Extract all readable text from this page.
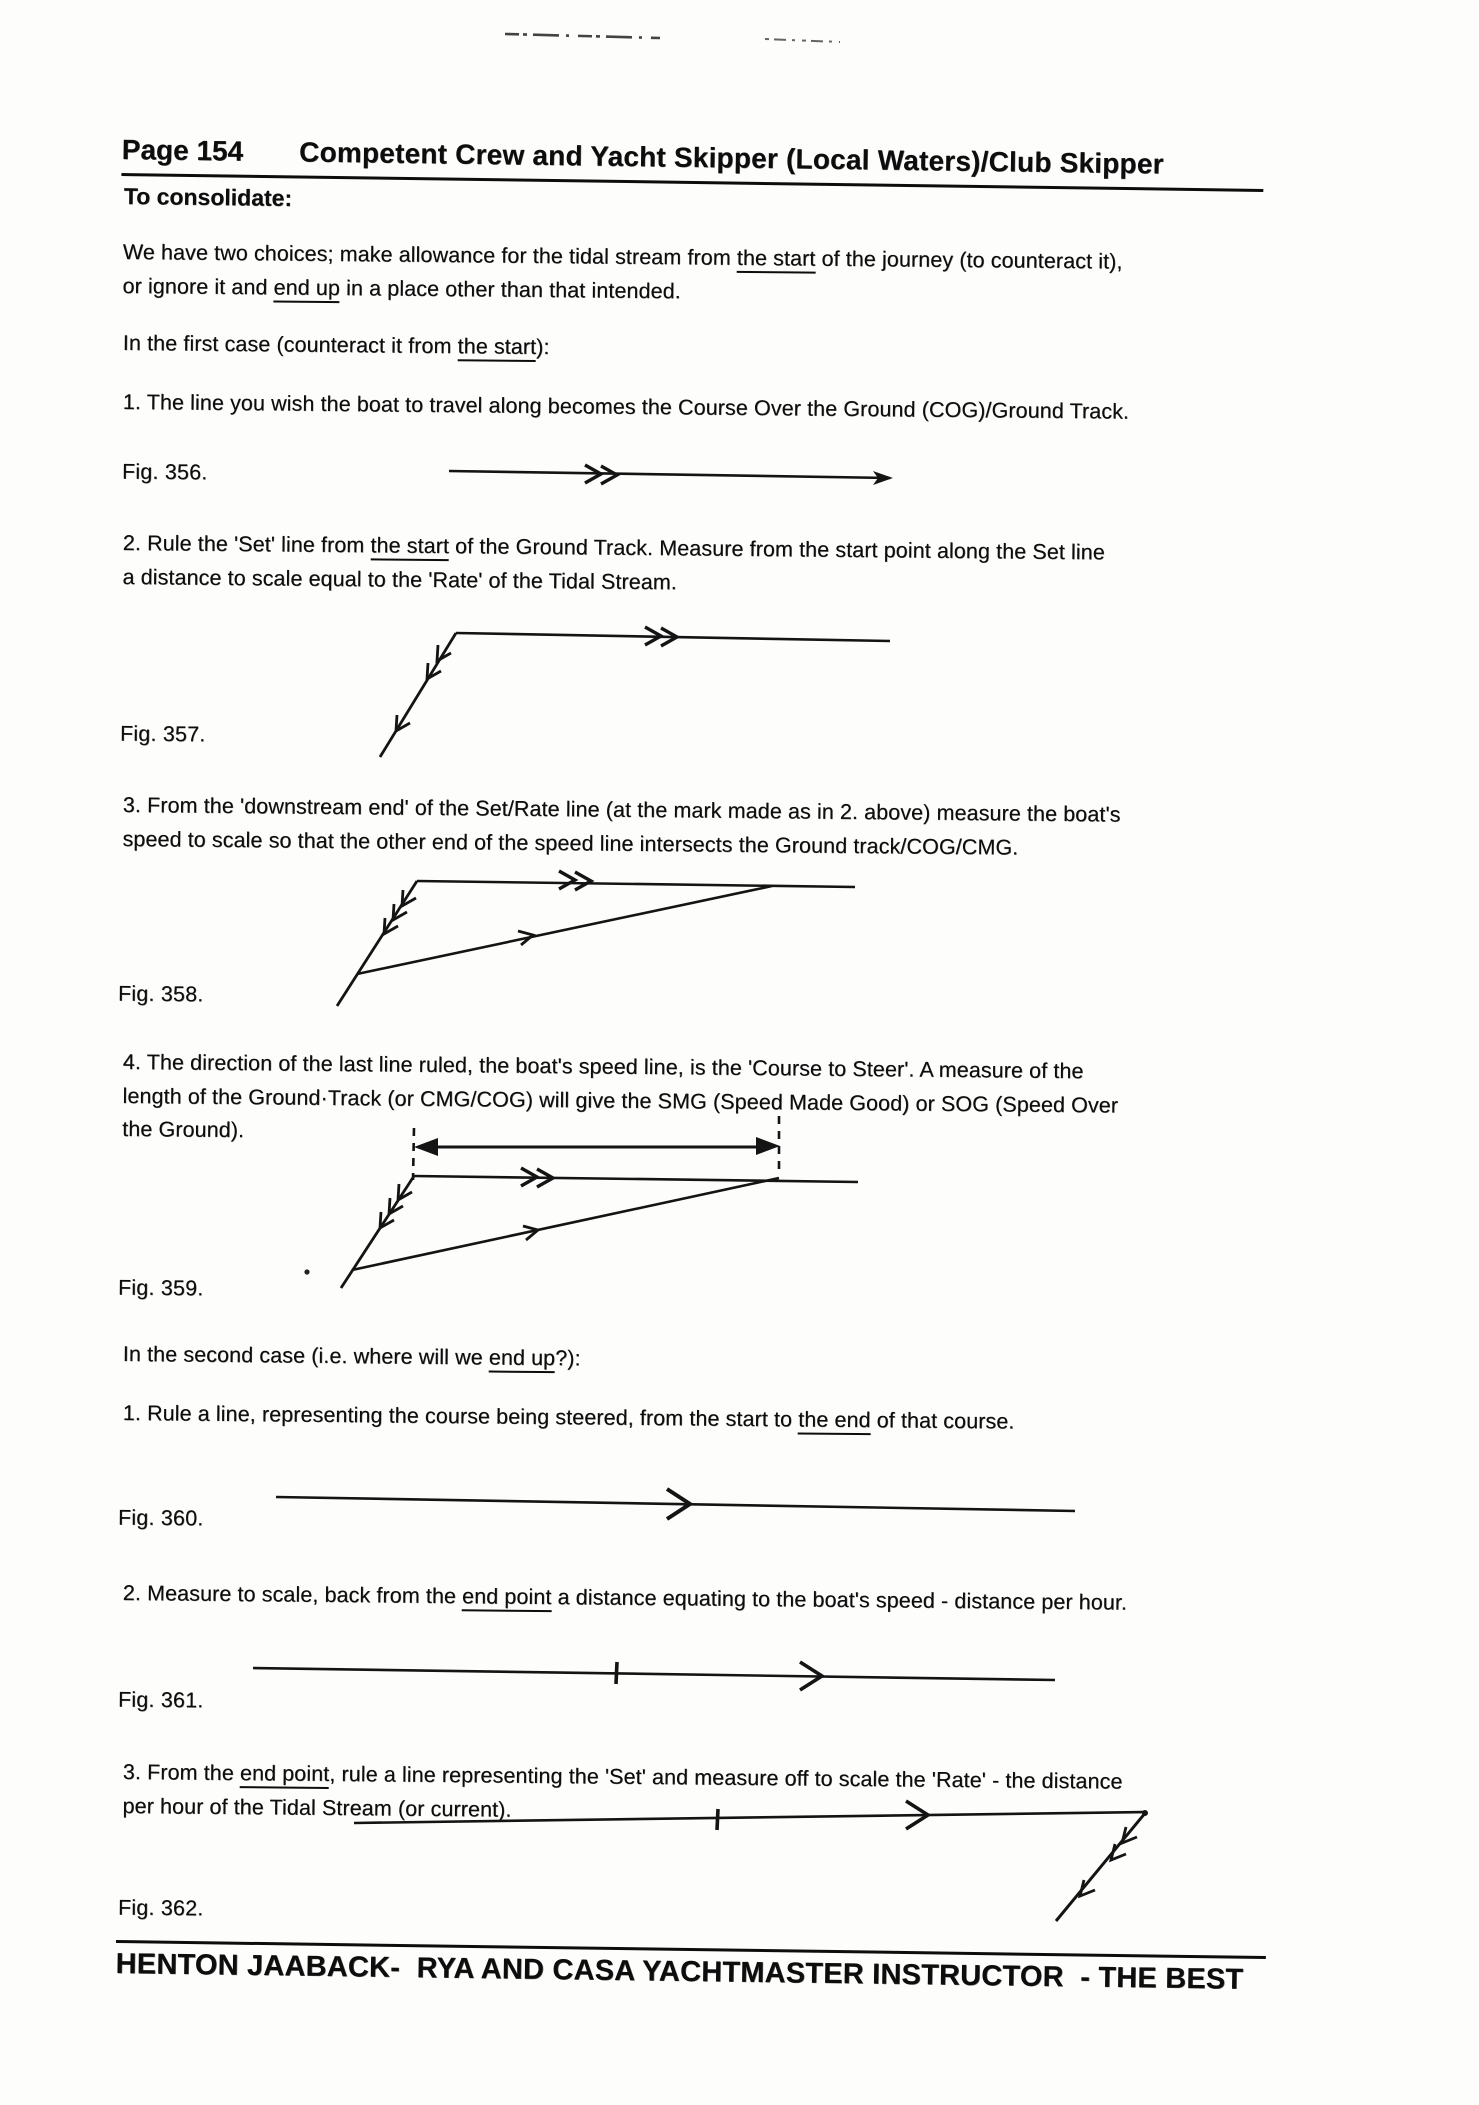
Page 154 Competent Crew and Yacht Skipper (Local Waters)/Club Skipper
To consolidate:
We have two choices; make allowance for the tidal stream from the start of the journey (to counteract it),
or ignore it and end up in a place other than that intended.
In the first case (counteract it from the start):
1. The line you wish the boat to travel along becomes the Course Over the Ground (COG)/Ground Track.
2. Rule the 'Set' line from the start of the Ground Track. Measure from the start point along the Set line
a distance to scale equal to the 'Rate' of the Tidal Stream.
3. From the 'downstream end' of the Set/Rate line (at the mark made as in 2. above) measure the boat's
speed to scale so that the other end of the speed line intersects the Ground track/COG/CMG.
4. The direction of the last line ruled, the boat's speed line, is the 'Course to Steer'. A measure of the
length of the Ground·Track (or CMG/COG) will give the SMG (Speed Made Good) or SOG (Speed Over
the Ground).
In the second case (i.e. where will we end up?):
1. Rule a line, representing the course being steered, from the start to the end of that course.
2. Measure to scale, back from the end point a distance equating to the boat's speed - distance per hour.
3. From the end point, rule a line representing the 'Set' and measure off to scale the 'Rate' - the distance
per hour of the Tidal Stream (or current).
Fig. 356.
Fig. 357.
Fig. 358.
Fig. 359.
Fig. 360.
Fig. 361.
Fig. 362.
HENTON JAABACK-  RYA AND CASA YACHTMASTER INSTRUCTOR  - THE BEST
